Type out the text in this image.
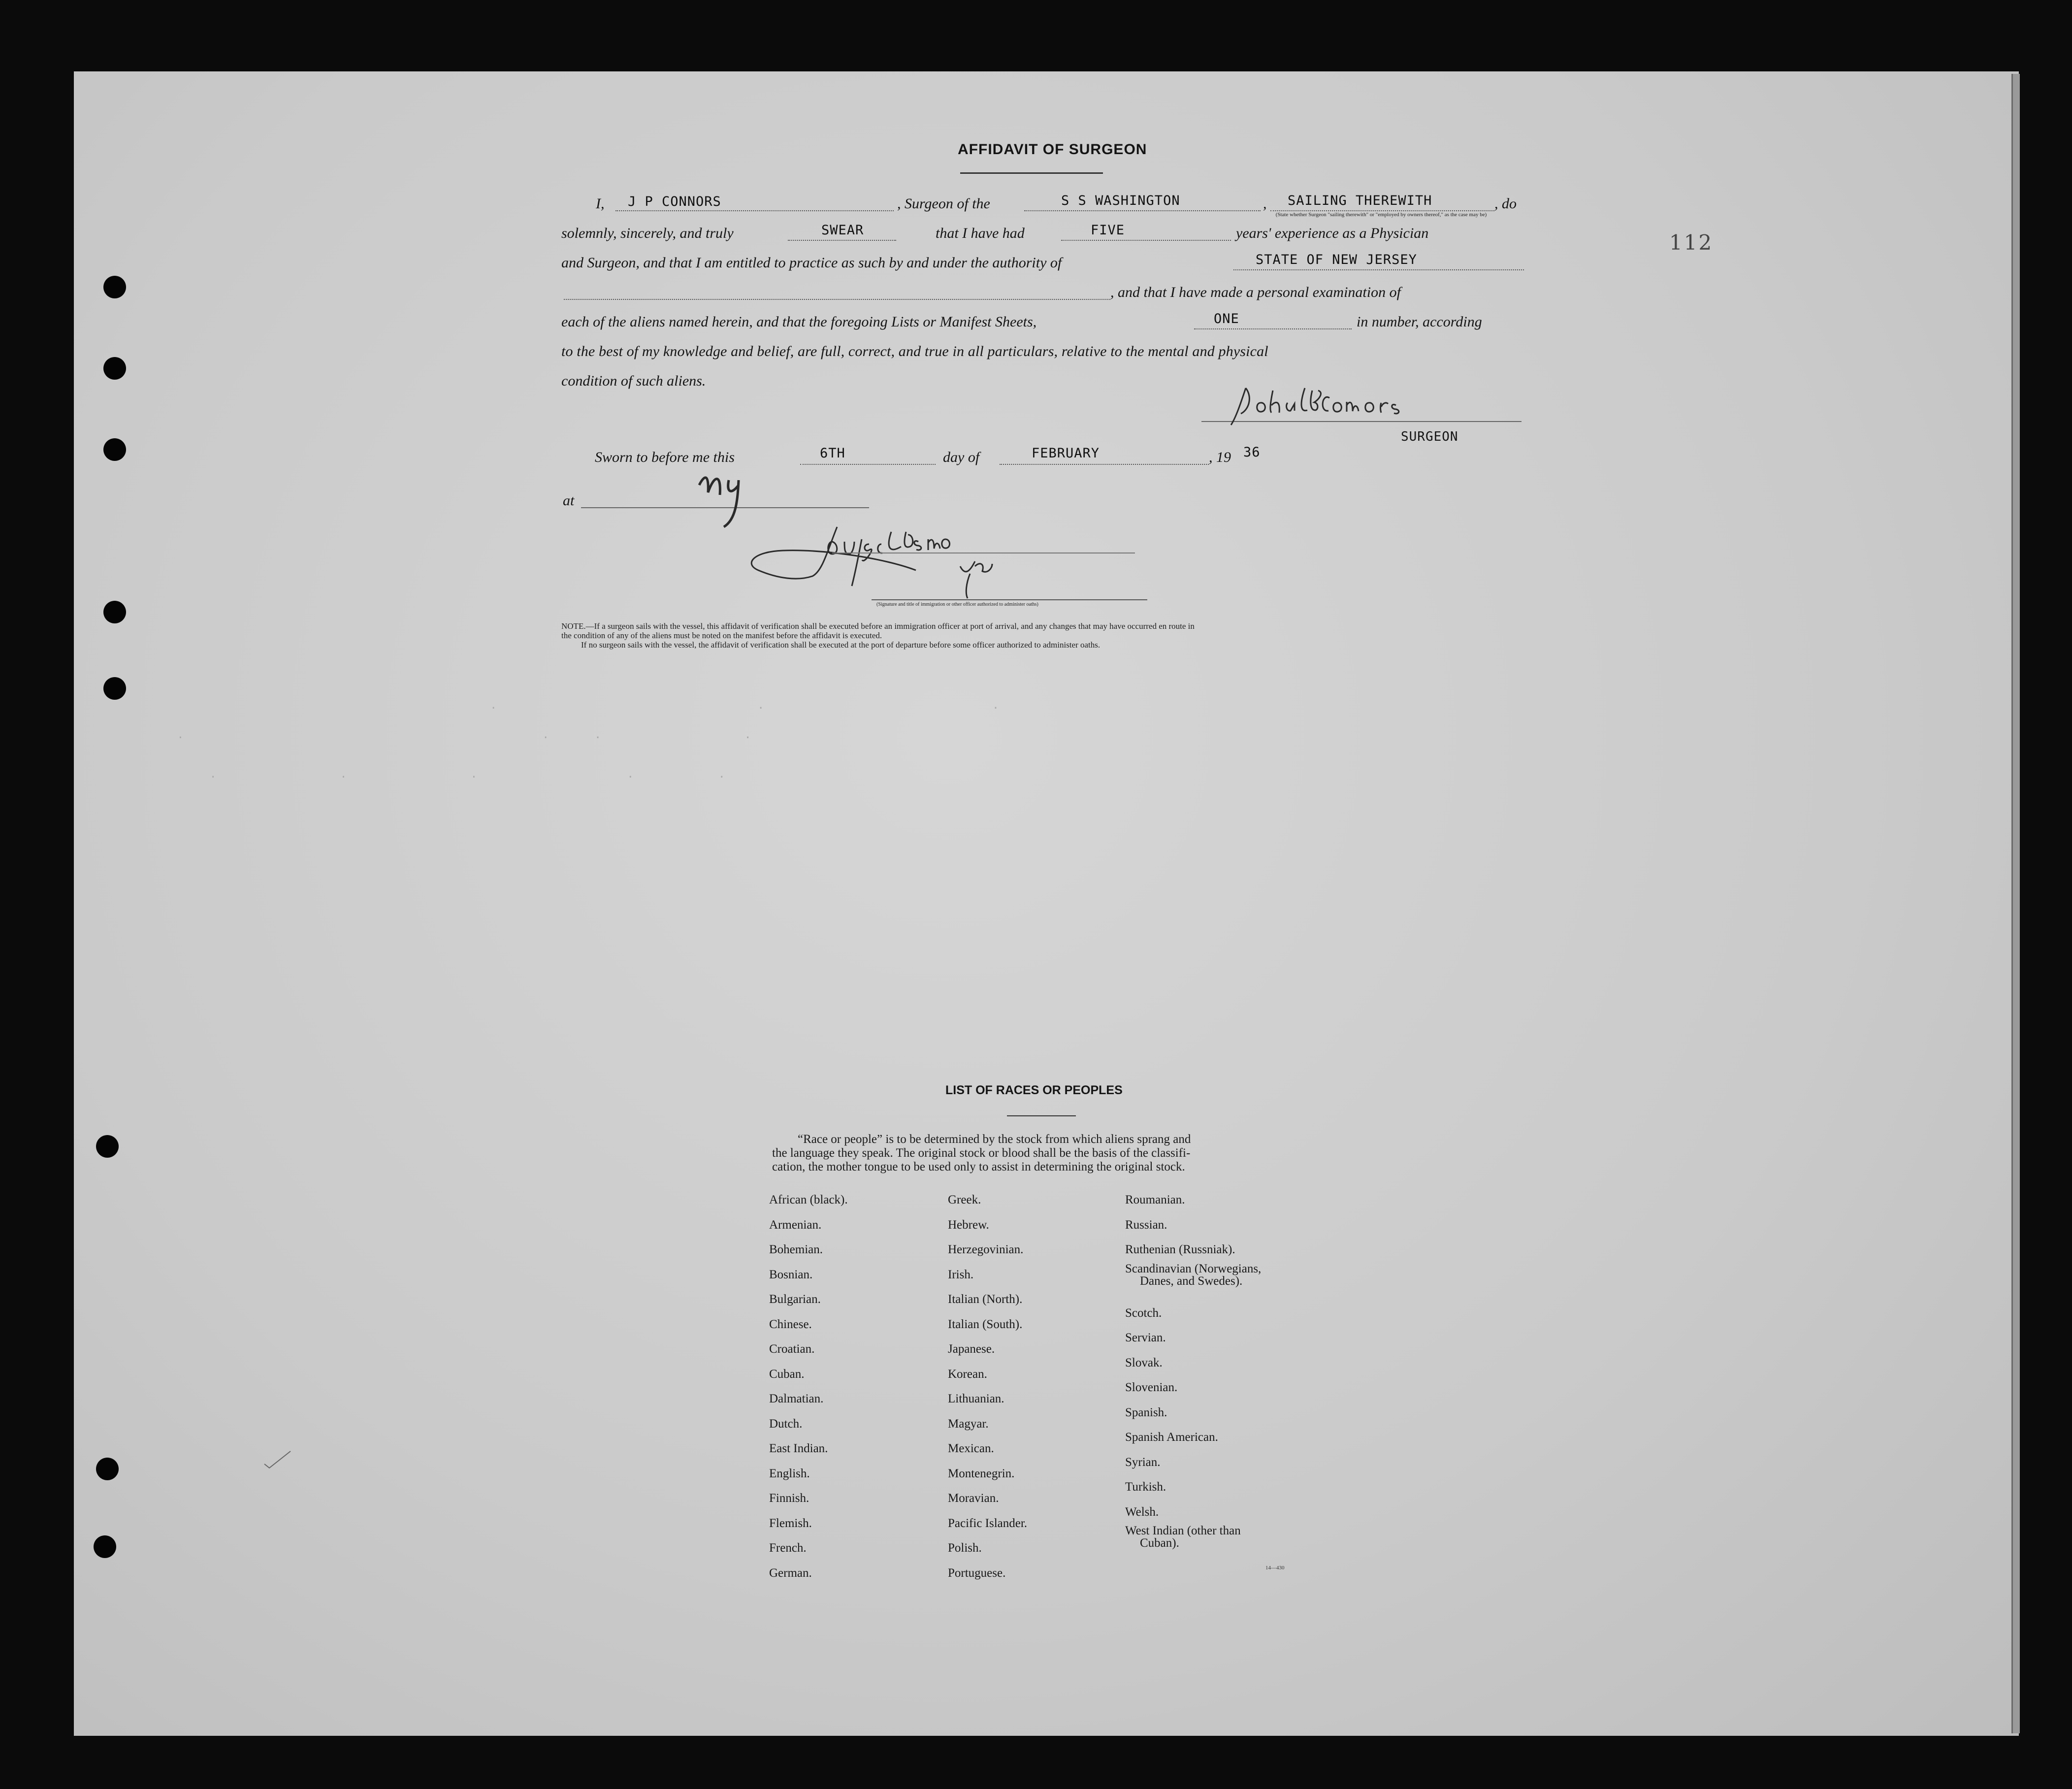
112
AFFIDAVIT OF SURGEON
I, J P CONNORS	, Surgeon of the	S S WASHINGTON	, SAILING THEREWITH
(State whether Surgeon "sailing therewith" or "employed by owners thereof," as the case may be)
, do
solemnly, sincerely, and truly	SWEAR	that I have had	FIVE	years' experience as a Physician
and Surgeon, and that I am entitled to practice as such by and under the authority of	STATE OF NEW JERSEY
, and that I have made a personal examination of
each of the aliens named herein, and that the foregoing Lists or Manifest Sheets,	ONE	in number, according
to the best of my knowledge and belief, are full, correct, and true in all particulars, relative to the mental and physical
condition of such aliens.
SURGEON
Sworn to before me this	6TH	day of	FEBRUARY	, 19 36
at
(Signature and title of immigration or other officer authorized to administer oaths)
NOTE.—If a surgeon sails with the vessel, this affidavit of verification shall be executed before an immigration officer at port of arrival, and any changes that may have occurred en route in
the condition of any of the aliens must be noted on the manifest before the affidavit is executed.
If no surgeon sails with the vessel, the affidavit of verification shall be executed at the port of departure before some officer authorized to administer oaths.
.                                        .                                   .
.                                                       .       .                      .
.                   .                   .                       .             .
LIST OF RACES OR PEOPLES
“Race or people” is to be determined by the stock from which aliens sprang and
the language they speak. The original stock or blood shall be the basis of the classifi-
cation, the mother tongue to be used only to assist in determining the original stock.
African (black).
Armenian.
Bohemian.
Bosnian.
Bulgarian.
Chinese.
Croatian.
Cuban.
Dalmatian.
Dutch.
East Indian.
English.
Finnish.
Flemish.
French.
German.
Greek.
Hebrew.
Herzegovinian.
Irish.
Italian (North).
Italian (South).
Japanese.
Korean.
Lithuanian.
Magyar.
Mexican.
Montenegrin.
Moravian.
Pacific Islander.
Polish.
Portuguese.
Roumanian.
Russian.
Ruthenian (Russniak).
Scandinavian (Norwegians,
Danes, and Swedes).
Scotch.
Servian.
Slovak.
Slovenian.
Spanish.
Spanish American.
Syrian.
Turkish.
Welsh.
West Indian (other than
Cuban).
14—430
